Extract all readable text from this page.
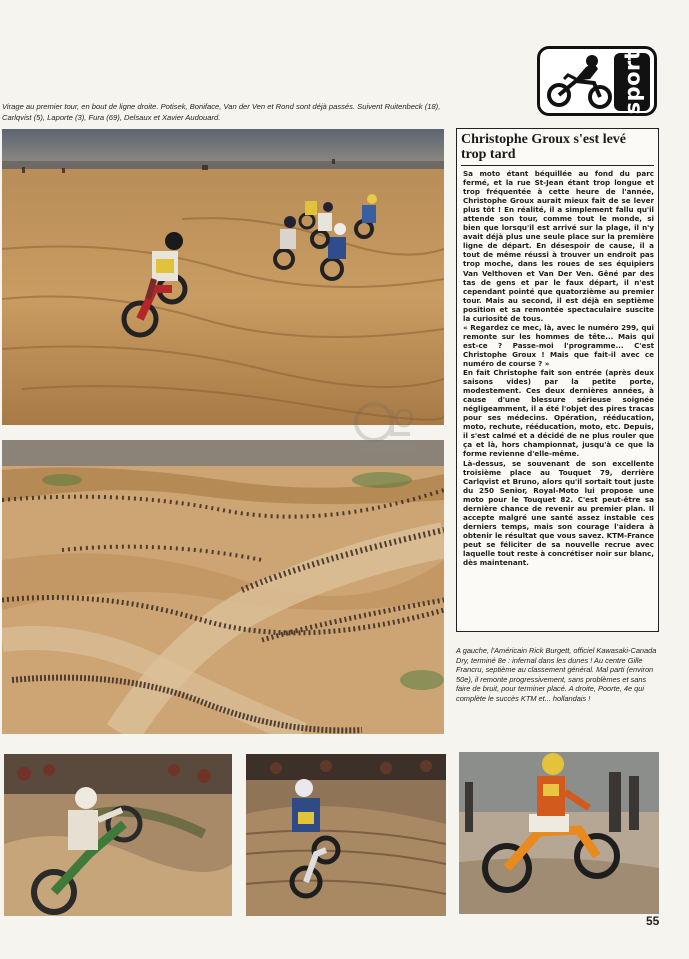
sport
Virage au premier tour, en bout de ligne droite. Potisek, Boniface, Van der Ven et Rond sont déjà passés. Suivent Ruitenbeck (18), Carlqvist (5), Laporte (3), Fura (69), Delsaux et Xavier Audouard.
Christophe Groux s'est levé trop tard

Sa moto étant béquillée au fond du parc fermé, et la rue St-Jean étant trop longue et trop fréquentée à cette heure de l'année, Christophe Groux aurait mieux fait de se lever plus tôt ! En réalité, il a simplement fallu qu'il attende son tour, comme tout le monde, si bien que lorsqu'il est arrivé sur la plage, il n'y avait déjà plus une seule place sur la première ligne de départ. En désespoir de cause, il a tout de même réussi à trouver un endroit pas trop moche, dans les roues de ses équipiers Van Velthoven et Van Der Ven. Gêné par des tas de gens et par le faux départ, il n'est cependant pointé que quatorzième au premier tour. Mais au second, il est déjà en septième position et sa remontée spectaculaire suscite la curiosité de tous.

« Regardez ce mec, là, avec le numéro 299, qui remonte sur les hommes de tête... Mais qui est-ce ? Passe-moi l'programme... C'est Christophe Groux ! Mais que fait-il avec ce numéro de course ? »

En fait Christophe fait son entrée (après deux saisons vides) par la petite porte, modestement. Ces deux dernières années, à cause d'une blessure sérieuse soignée négligeamment, il a été l'objet des pires tracas pour ses médecins. Opération, rééducation, moto, rechute, rééducation, moto, etc. Depuis, il s'est calmé et a décidé de ne plus rouler que ça et là, hors championnat, jusqu'à ce que la forme revienne d'elle-même.

Là-dessus, se souvenant de son excellente troisième place au Touquet 79, derrière Carlqvist et Bruno, alors qu'il sortait tout juste du 250 Senior, Royal-Moto lui propose une moto pour le Touquet 82. C'est peut-être sa dernière chance de revenir au premier plan. Il accepte malgré une santé assez instable ces derniers temps, mais son courage l'aidera à obtenir le résultat que vous savez. KTM-France peut se féliciter de sa nouvelle recrue avec laquelle tout reste à concrétiser noir sur blanc, dès maintenant.

A gauche, l'Américain Rick Burgett, officiel Kawasaki-Canada Dry, terminé 8e : infernal dans les dunes ! Au centre Gille Francru, septième au classement général. Mal parti (environ 50e), il remonte progressivement, sans problèmes et sans faire de bruit, pour terminer placé. A droite, Poorte, 4e qui complète le succès KTM et... hollandais !
55
